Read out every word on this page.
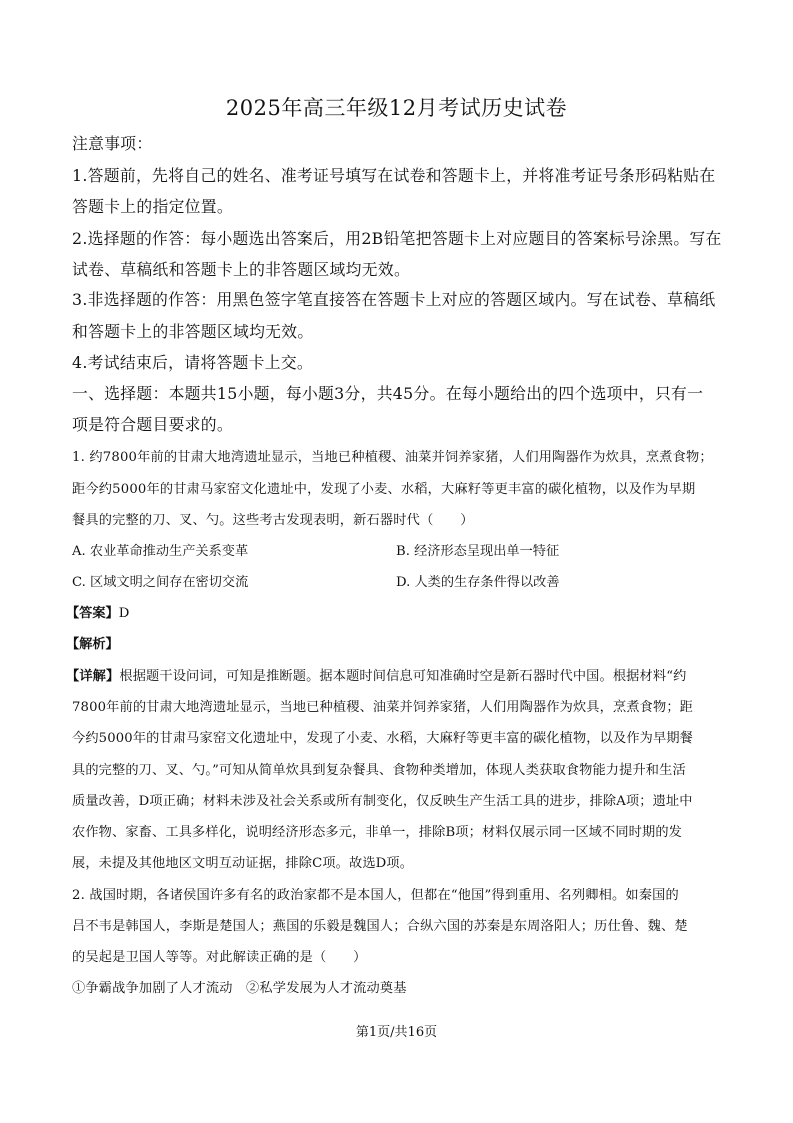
2025年高三年级12月考试历史试卷
注意事项：
1.答题前，先将自己的姓名、准考证号填写在试卷和答题卡上，并将准考证号条形码粘贴在
答题卡上的指定位置。
2.选择题的作答：每小题选出答案后，用2B铅笔把答题卡上对应题目的答案标号涂黑。写在
试卷、草稿纸和答题卡上的非答题区域均无效。
3.非选择题的作答：用黑色签字笔直接答在答题卡上对应的答题区域内。写在试卷、草稿纸
和答题卡上的非答题区域均无效。
4.考试结束后，请将答题卡上交。
一、选择题：本题共15小题，每小题3分，共45分。在每小题给出的四个选项中，只有一
项是符合题目要求的。
1. 约7800年前的甘肃大地湾遗址显示，当地已种植稷、油菜并饲养家猪，人们用陶器作为炊具，烹煮食物；
距今约5000年的甘肃马家窑文化遗址中，发现了小麦、水稻，大麻籽等更丰富的碳化植物，以及作为早期
餐具的完整的刀、叉、勺。这些考古发现表明，新石器时代（　　）
A. 农业革命推动生产关系变革	B. 经济形态呈现出单一特征
C. 区域文明之间存在密切交流	D. 人类的生存条件得以改善
【答案】D
【解析】
【详解】根据题干设问词，可知是推断题。据本题时间信息可知准确时空是新石器时代中国。根据材料“约
7800年前的甘肃大地湾遗址显示，当地已种植稷、油菜并饲养家猪，人们用陶器作为炊具，烹煮食物；距
今约5000年的甘肃马家窑文化遗址中，发现了小麦、水稻，大麻籽等更丰富的碳化植物，以及作为早期餐
具的完整的刀、叉、勺。”可知从简单炊具到复杂餐具、食物种类增加，体现人类获取食物能力提升和生活
质量改善，D项正确；材料未涉及社会关系或所有制变化，仅反映生产生活工具的进步，排除A项；遗址中
农作物、家畜、工具多样化，说明经济形态多元，非单一，排除B项；材料仅展示同一区域不同时期的发
展，未提及其他地区文明互动证据，排除C项。故选D项。
2. 战国时期，各诸侯国许多有名的政治家都不是本国人，但都在“他国”得到重用、名列卿相。如秦国的
吕不韦是韩国人，李斯是楚国人；燕国的乐毅是魏国人；合纵六国的苏秦是东周洛阳人；历仕鲁、魏、楚
的吴起是卫国人等等。对此解读正确的是（　　）
①争霸战争加剧了人才流动　②私学发展为人才流动奠基
第1页/共16页
